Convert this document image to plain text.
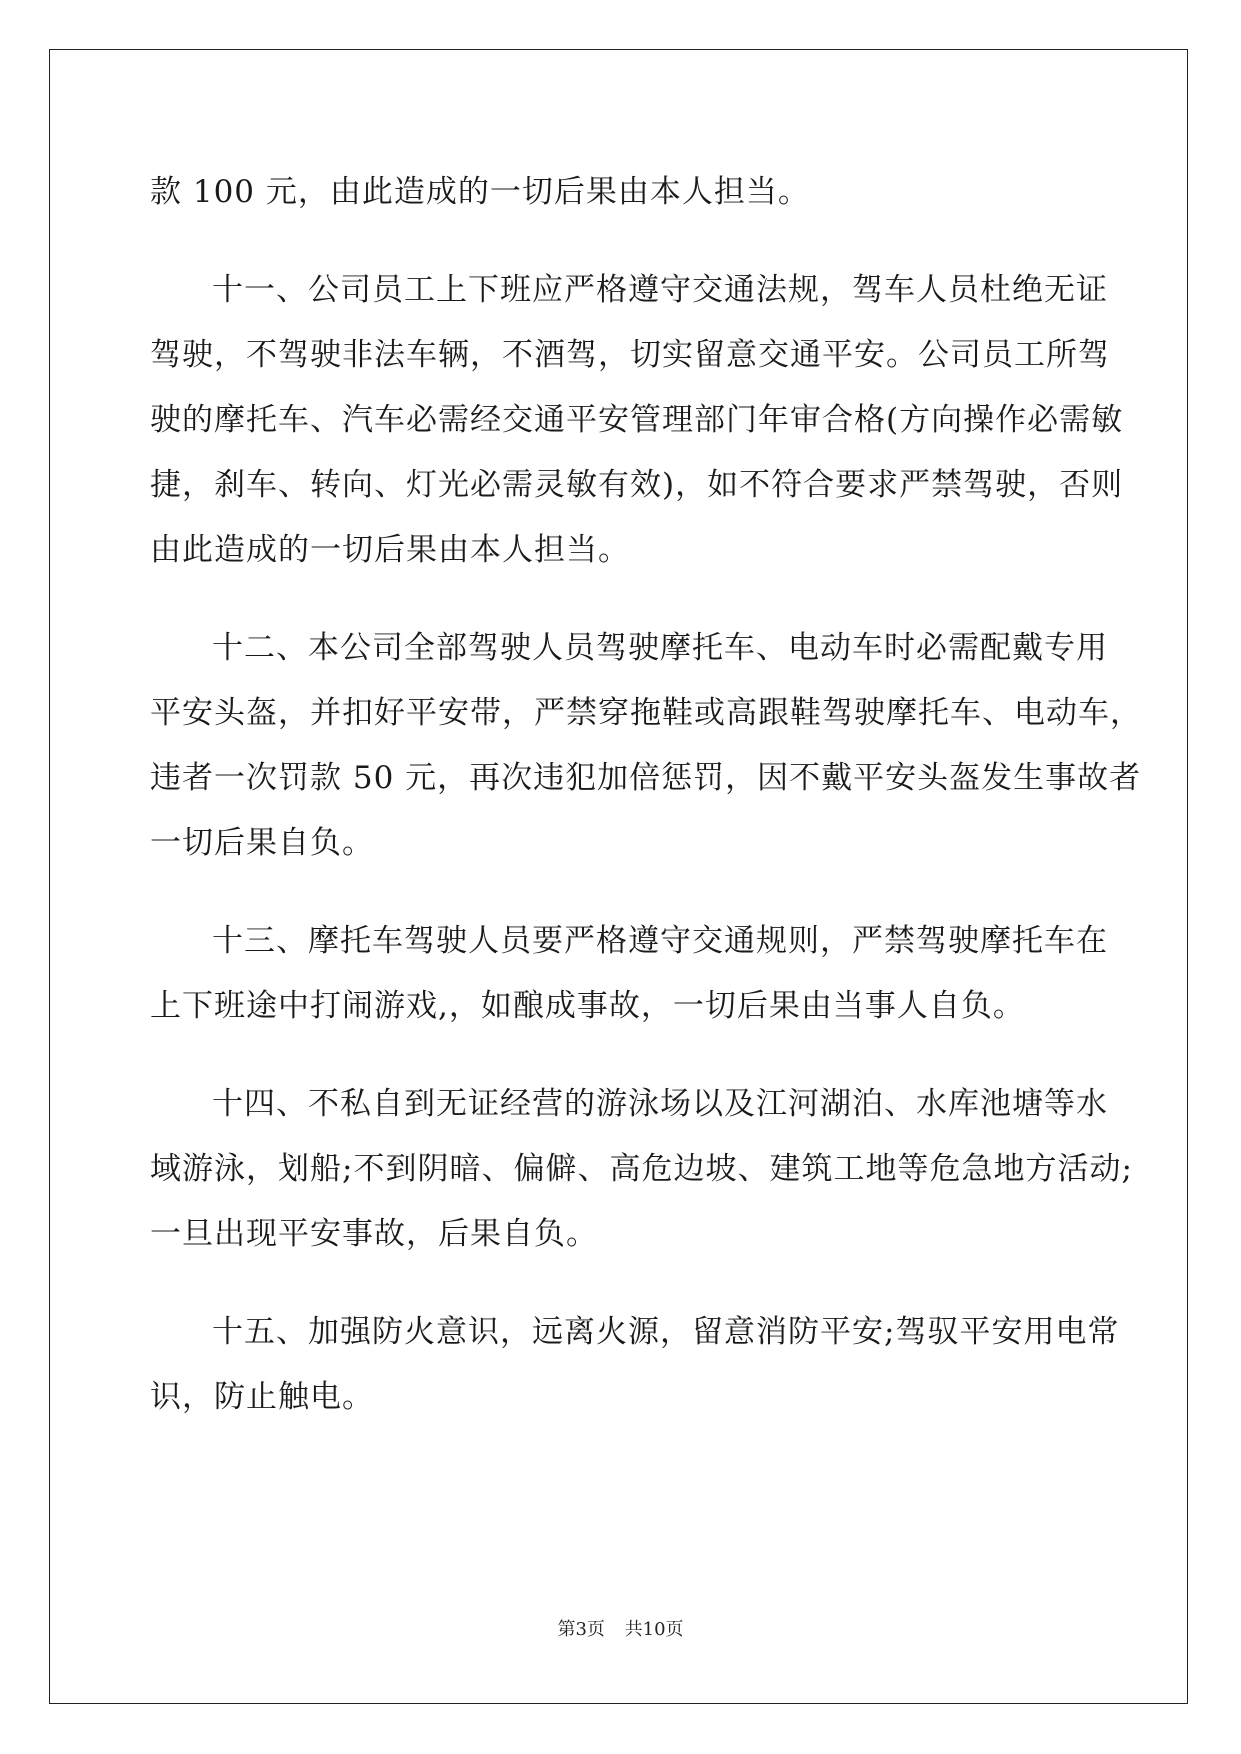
款 100 元，由此造成的一切后果由本人担当。
十一、公司员工上下班应严格遵守交通法规，驾车人员杜绝无证
驾驶，不驾驶非法车辆，不酒驾，切实留意交通平安。公司员工所驾
驶的摩托车、汽车必需经交通平安管理部门年审合格(方向操作必需敏
捷，刹车、转向、灯光必需灵敏有效)，如不符合要求严禁驾驶，否则
由此造成的一切后果由本人担当。
十二、本公司全部驾驶人员驾驶摩托车、电动车时必需配戴专用
平安头盔，并扣好平安带，严禁穿拖鞋或高跟鞋驾驶摩托车、电动车，
违者一次罚款 50 元，再次违犯加倍惩罚，因不戴平安头盔发生事故者
一切后果自负。
十三、摩托车驾驶人员要严格遵守交通规则，严禁驾驶摩托车在
上下班途中打闹游戏,，如酿成事故，一切后果由当事人自负。
十四、不私自到无证经营的游泳场以及江河湖泊、水库池塘等水
域游泳，划船;不到阴暗、偏僻、高危边坡、建筑工地等危急地方活动;
一旦出现平安事故，后果自负。
十五、加强防火意识，远离火源，留意消防平安;驾驭平安用电常
识，防止触电。
第3页 共10页
